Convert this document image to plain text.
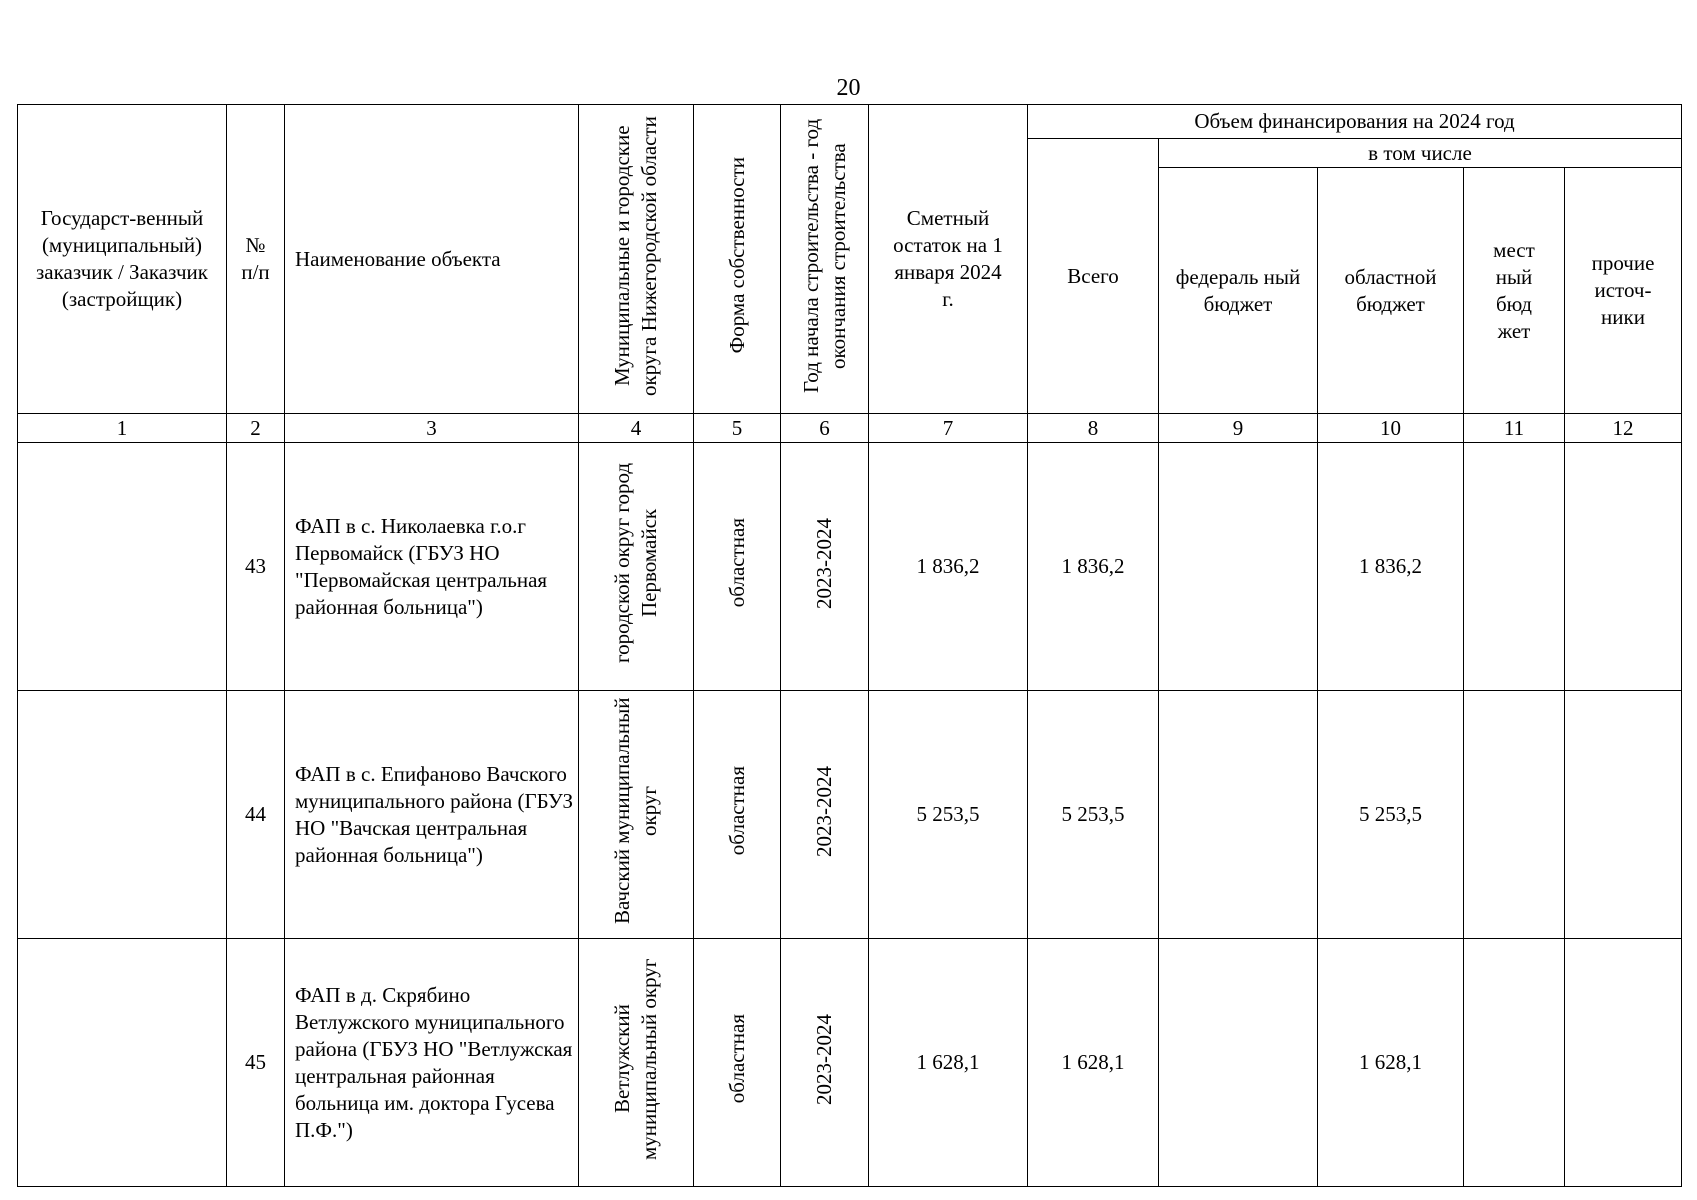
20
Государст-венный (муниципальный) заказчик / Заказчик (застройщик)	№ п/п	Наименование объекта	Муниципальные и городские округа Нижегородской области	Форма собственности	Год начала строительства - год окончания строительства	Сметный остаток на 1 января 2024 г.	Объем финансирования на 2024 год				

							Всего	в том числе			

								федераль ный бюджет	областной бюджет	мест ный бюд жет	прочие источ-ники

1	2	3	4	5	6	7	8	9	10	11	12
	43	ФАП в с. Николаевка г.о.г Первомайск (ГБУЗ НО "Первомайская центральная районная больница")	городской округ город Первомайск	областная	2023-2024	1 836,2	1 836,2		1 836,2		
	44	ФАП в с. Епифаново Вачского муниципального района (ГБУЗ НО "Вачская центральная районная больница")	Вачский муниципальный округ	областная	2023-2024	5 253,5	5 253,5		5 253,5		
	45	ФАП в д. Скрябино Ветлужского муниципального района (ГБУЗ НО "Ветлужская центральная районная больница им. доктора Гусева П.Ф.")	Ветлужский муниципальный округ	областная	2023-2024	1 628,1	1 628,1		1 628,1		
